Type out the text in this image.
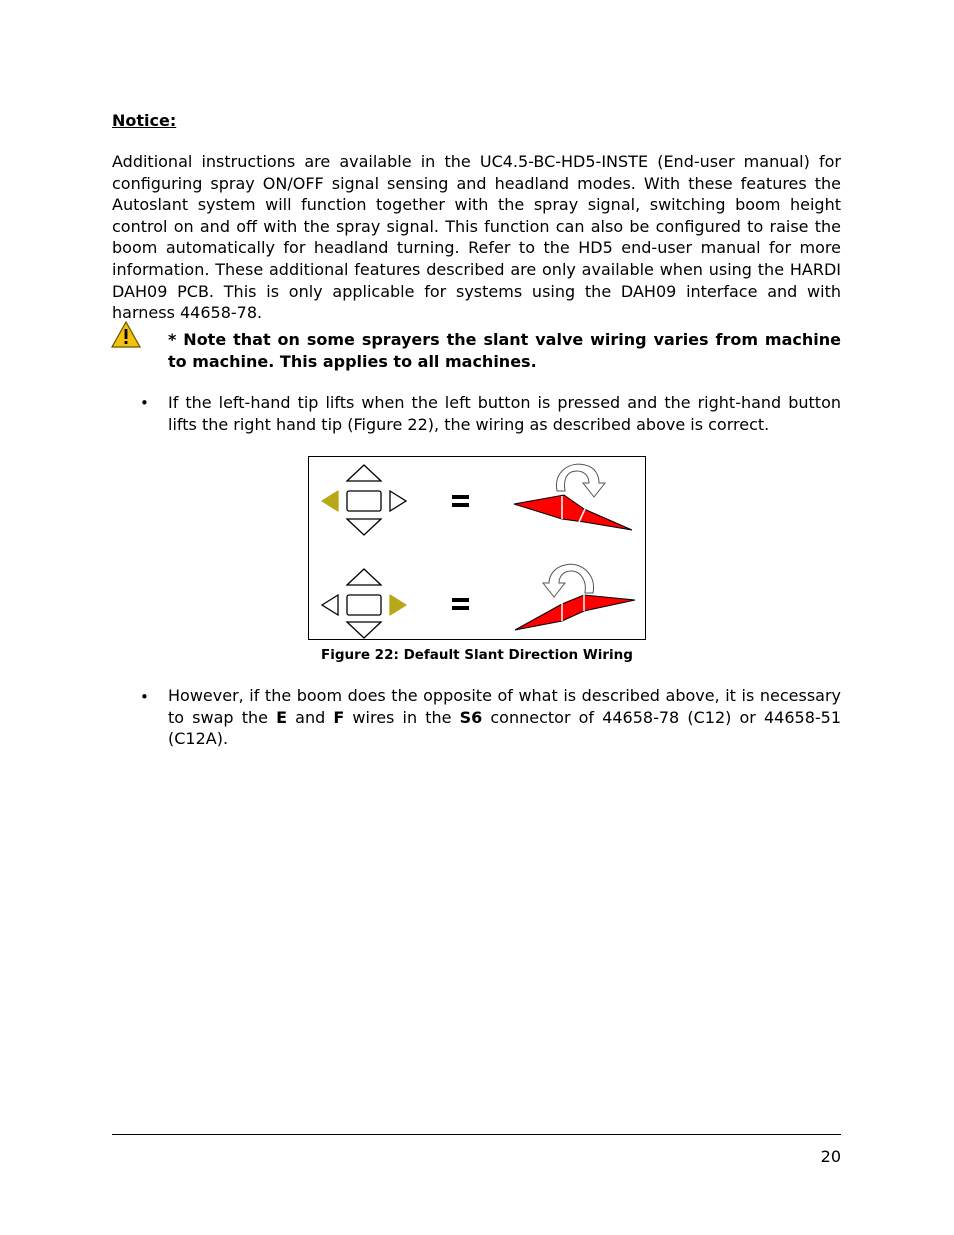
Notice:

Additional instructions are available in the UC4.5-BC-HD5-INSTE (End-user manual) for configuring spray ON/OFF signal sensing and headland modes. With these features the Autoslant system will function together with the spray signal, switching boom height control on and off with the spray signal. This function can also be configured to raise the boom automatically for headland turning. Refer to the HD5 end-user manual for more information. These additional features described are only available when using the HARDI DAH09 PCB. This is only applicable for systems using the DAH09 interface and with harness 44658-78.

* Note that on some sprayers the slant valve wiring varies from machine to machine. This applies to all machines.

• If the left-hand tip lifts when the left button is pressed and the right-hand button lifts the right hand tip (Figure 22), the wiring as described above is correct.

Figure 22: Default Slant Direction Wiring
• However, if the boom does the opposite of what is described above, it is necessary to swap the E and F wires in the S6 connector of 44658-78 (C12) or 44658-51 (C12A).

20
